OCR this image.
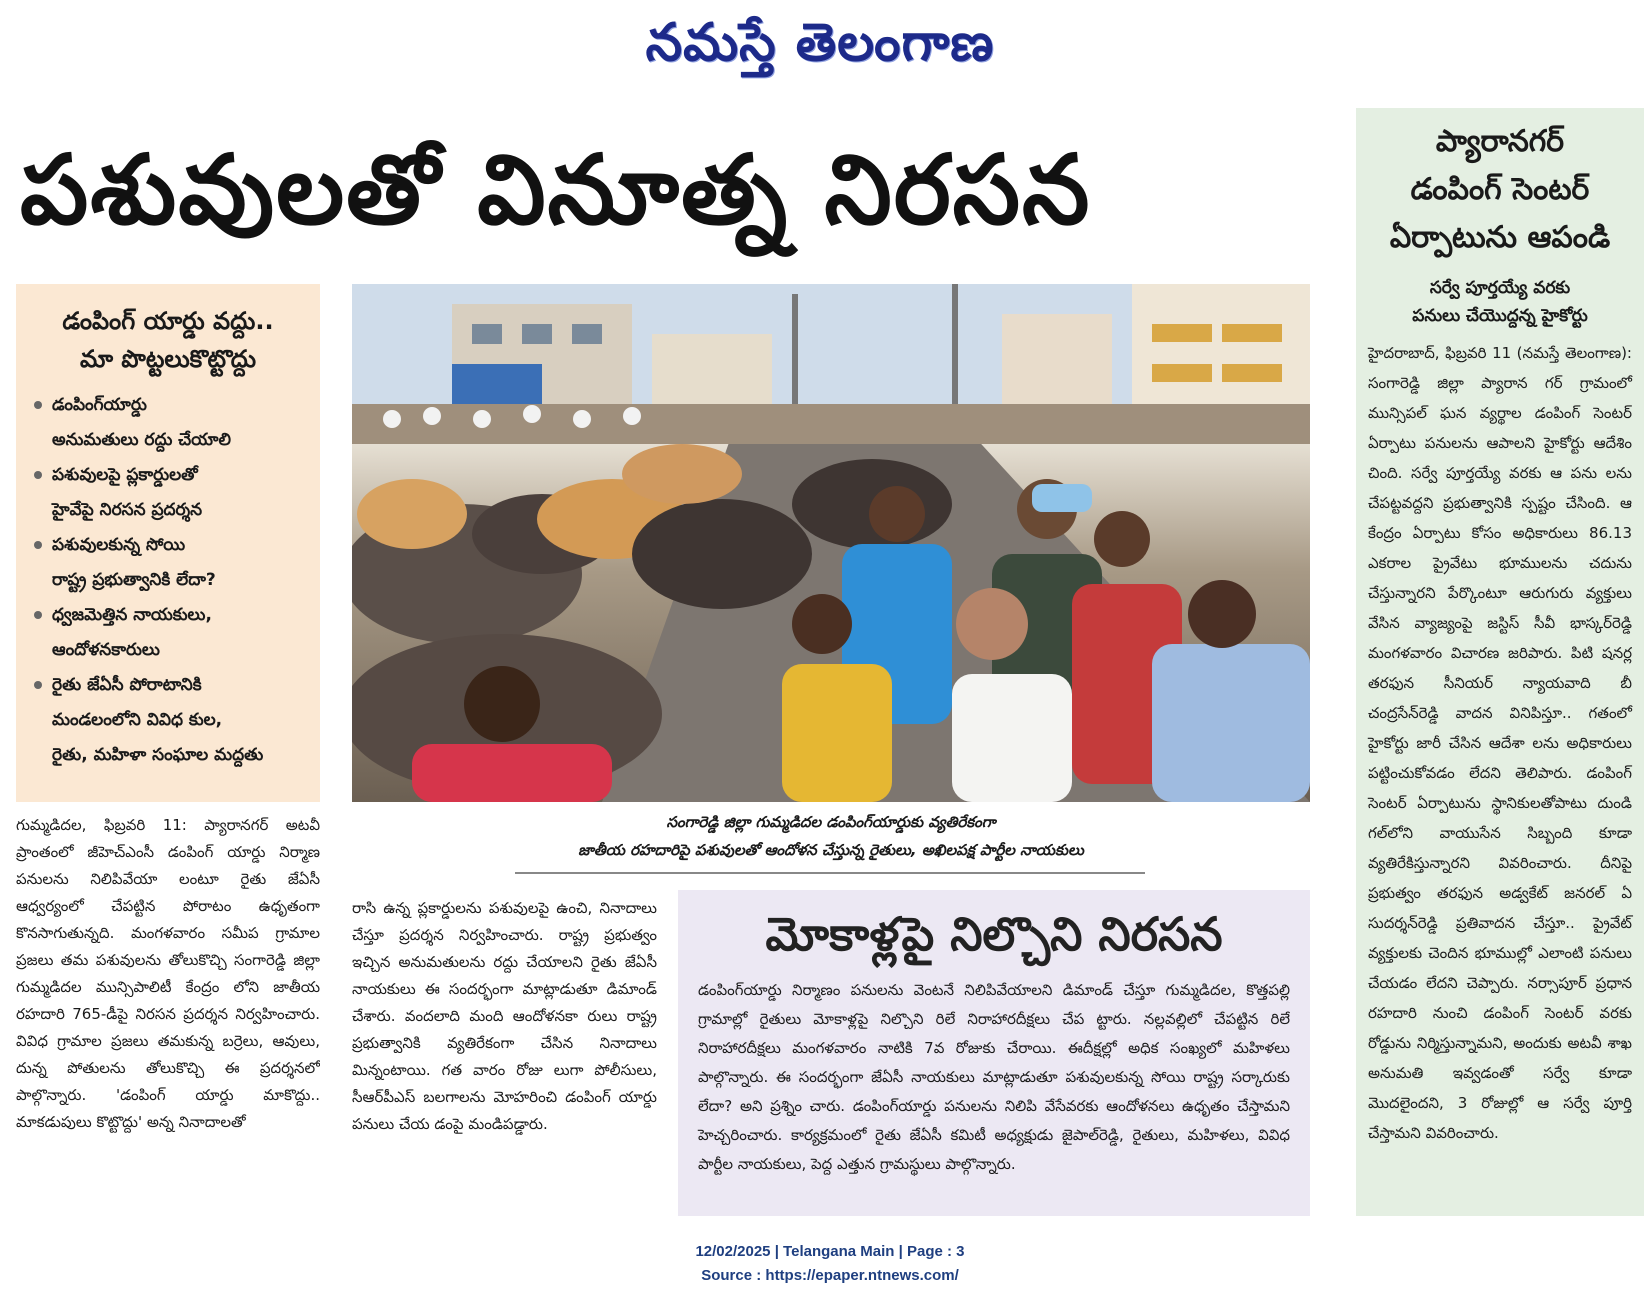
నమస్తే తెలంగాణ
పశువులతో వినూత్న నిరసన
డంపింగ్‌ యార్డు వద్దు..
మా పొట్టలుకొట్టొద్దు
డంపింగ్‌యార్డు
అనుమతులు రద్దు చేయాలి
పశువులపై ప్లకార్డులతో
హైవేపై నిరసన ప్రదర్శన
పశువులకున్న సోయి
రాష్ట్ర ప్రభుత్వానికి లేదా?
ధ్వజమెత్తిన నాయకులు,
ఆందోళనకారులు
రైతు జేఏసీ పోరాటానికి
మండలంలోని వివిధ కుల,
రైతు, మహిళా సంఘాల మద్దతు
సంగారెడ్డి జిల్లా గుమ్మడిదల డంపింగ్‌యార్డుకు వ్యతిరేకంగా
జాతీయ రహదారిపై పశువులతో ఆందోళన చేస్తున్న రైతులు, అఖిలపక్ష పార్టీల నాయకులు
గుమ్మడిదల, ఫిబ్రవరి 11: ప్యారానగర్‌ అటవీ ప్రాంతంలో జీహెచ్‌ఎంసీ డంపింగ్‌ యార్డు నిర్మాణ పనులను నిలిపివేయా లంటూ రైతు జేఏసీ ఆధ్వర్యంలో చేపట్టిన పోరాటం ఉధృతంగా కొనసాగుతున్నది. మంగళవారం సమీప గ్రామాల ప్రజలు తమ పశువులను తోలుకొచ్చి సంగారెడ్డి జిల్లా గుమ్మడిదల మున్సిపాలిటీ కేంద్రం లోని జాతీయ రహదారి 765-డీపై నిరసన ప్రదర్శన నిర్వహించారు. వివిధ గ్రామాల ప్రజలు తమకున్న బర్రెలు, ఆవులు, దున్న పోతులను తోలుకొచ్చి ఈ ప్రదర్శనలో పాల్గొన్నారు. 'డంపింగ్‌ యార్డు మాకొద్దు.. మాకడుపులు కొట్టొద్దు' అన్న నినాదాలతో
రాసి ఉన్న ప్లకార్డులను పశువులపై ఉంచి, నినాదాలు చేస్తూ ప్రదర్శన నిర్వహించారు. రాష్ట్ర ప్రభుత్వం ఇచ్చిన అనుమతులను రద్దు చేయాలని రైతు జేఏసీ నాయకులు ఈ సందర్భంగా మాట్లాడుతూ డిమాండ్‌ చేశారు. వందలాది మంది ఆందోళనకా రులు రాష్ట్ర ప్రభుత్వానికి వ్యతిరేకంగా చేసిన నినాదాలు మిన్నంటాయి. గత వారం రోజు లుగా పోలీసులు, సీఆర్‌పీఎస్‌ బలగాలను మోహరించి డంపింగ్‌ యార్డు పనులు చేయ డంపై మండిపడ్డారు.
మోకాళ్లపై నిల్చొని నిరసన
డంపింగ్‌యార్డు నిర్మాణం పనులను వెంటనే నిలిపివేయాలని డిమాండ్‌ చేస్తూ గుమ్మడిదల, కొత్తపల్లి గ్రామాల్లో రైతులు మోకాళ్లపై నిల్చొని రిలే నిరాహారదీక్షలు చేప ట్టారు. నల్లవల్లిలో చేపట్టిన రిలే నిరాహారదీక్షలు మంగళవారం నాటికి 7వ రోజుకు చేరాయి. ఈదీక్షల్లో అధిక సంఖ్యలో మహిళలు పాల్గొన్నారు. ఈ సందర్భంగా జేఏసీ నాయకులు మాట్లాడుతూ పశువులకున్న సోయి రాష్ట్ర సర్కారుకు లేదా? అని ప్రశ్నిం చారు. డంపింగ్‌యార్డు పనులను నిలిపి వేసేవరకు ఆందోళనలు ఉధృతం చేస్తామని హెచ్చరించారు. కార్యక్రమంలో రైతు జేఏసీ కమిటీ అధ్యక్షుడు జైపాల్‌రెడ్డి, రైతులు, మహిళలు, వివిధ పార్టీల నాయకులు, పెద్ద ఎత్తున గ్రామస్థులు పాల్గొన్నారు.
ప్యారానగర్‌
డంపింగ్‌ సెంటర్‌
ఏర్పాటును ఆపండి
సర్వే పూర్తయ్యే వరకు
పనులు చేయొద్దన్న హైకోర్టు
హైదరాబాద్‌, ఫిబ్రవరి 11 (నమస్తే తెలంగాణ): సంగారెడ్డి జిల్లా ప్యారాన గర్‌ గ్రామంలో మున్సిపల్‌ ఘన వ్యర్థాల డంపింగ్‌ సెంటర్‌ ఏర్పాటు పనులను ఆపాలని హైకోర్టు ఆదేశిం చింది. సర్వే పూర్తయ్యే వరకు ఆ పను లను చేపట్టవద్దని ప్రభుత్వానికి స్పష్టం చేసింది. ఆ కేంద్రం ఏర్పాటు కోసం అధికారులు 86.13 ఎకరాల ప్రైవేటు భూములను చదును చేస్తున్నారని పేర్కొంటూ ఆరుగురు వ్యక్తులు వేసిన వ్యాజ్యంపై జస్టిస్‌ సీవీ భాస్కర్‌రెడ్డి మంగళవారం విచారణ జరిపారు. పిటి షనర్ల తరఫున సీనియర్‌ న్యాయవాది బీ చంద్రసేన్‌రెడ్డి వాదన వినిపిస్తూ.. గతంలో హైకోర్టు జారీ చేసిన ఆదేశా లను అధికారులు పట్టించుకోవడం లేదని తెలిపారు. డంపింగ్‌ సెంటర్‌ ఏర్పాటును స్థానికులతోపాటు దుండి గల్‌లోని వాయుసేన సిబ్బంది కూడా వ్యతిరేకిస్తున్నారని వివరించారు. దీనిపై ప్రభుత్వం తరఫున అడ్వకేట్‌ జనరల్‌ ఏ సుదర్శన్‌రెడ్డి ప్రతివాదన చేస్తూ.. ప్రైవేట్‌ వ్యక్తులకు చెందిన భూముల్లో ఎలాంటి పనులు చేయడం లేదని చెప్పారు. నర్సాపూర్‌ ప్రధాన రహదారి నుంచి డంపింగ్‌ సెంటర్‌ వరకు రోడ్డును నిర్మిస్తున్నామని, అందుకు అటవీ శాఖ అనుమతి ఇవ్వడంతో సర్వే కూడా మొదలైందని, 3 రోజుల్లో ఆ సర్వే పూర్తి చేస్తామని వివరించారు.
12/02/2025 | Telangana Main | Page : 3
Source : https://epaper.ntnews.com/
